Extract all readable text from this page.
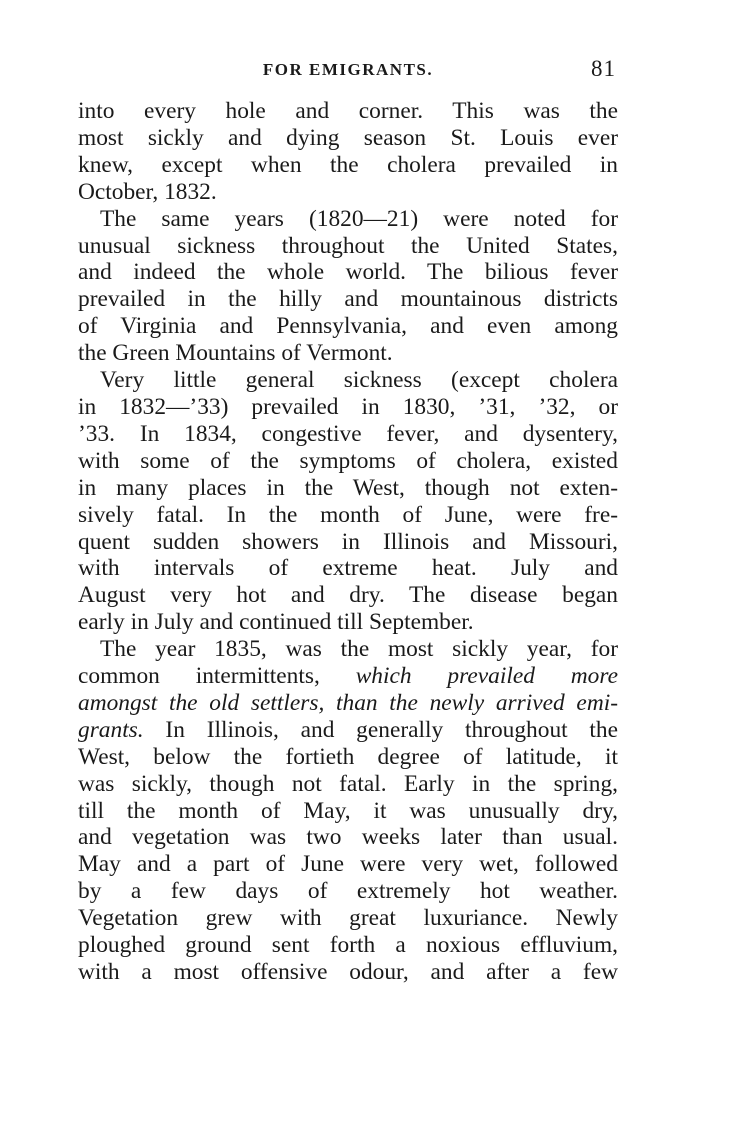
FOR EMIGRANTS.	81

into every hole and corner. This was the
most sickly and dying season St. Louis ever
knew, except when the cholera prevailed in
October, 1832.

The same years (1820—21) were noted for
unusual sickness throughout the United States,
and indeed the whole world. The bilious fever
prevailed in the hilly and mountainous districts
of Virginia and Pennsylvania, and even among
the Green Mountains of Vermont.

Very little general sickness (except cholera
in 1832—’33) prevailed in 1830, ’31, ’32, or
’33. In 1834, congestive fever, and dysentery,
with some of the symptoms of cholera, existed
in many places in the West, though not exten-
sively fatal. In the month of June, were fre-
quent sudden showers in Illinois and Missouri,
with intervals of extreme heat. July and
August very hot and dry. The disease began
early in July and continued till September.

The year 1835, was the most sickly year, for
common intermittents, which prevailed more
amongst the old settlers, than the newly arrived emi-
grants. In Illinois, and generally throughout the
West, below the fortieth degree of latitude, it
was sickly, though not fatal. Early in the spring,
till the month of May, it was unusually dry,
and vegetation was two weeks later than usual.
May and a part of June were very wet, followed
by a few days of extremely hot weather.
Vegetation grew with great luxuriance. Newly
ploughed ground sent forth a noxious effluvium,
with a most offensive odour, and after a few
